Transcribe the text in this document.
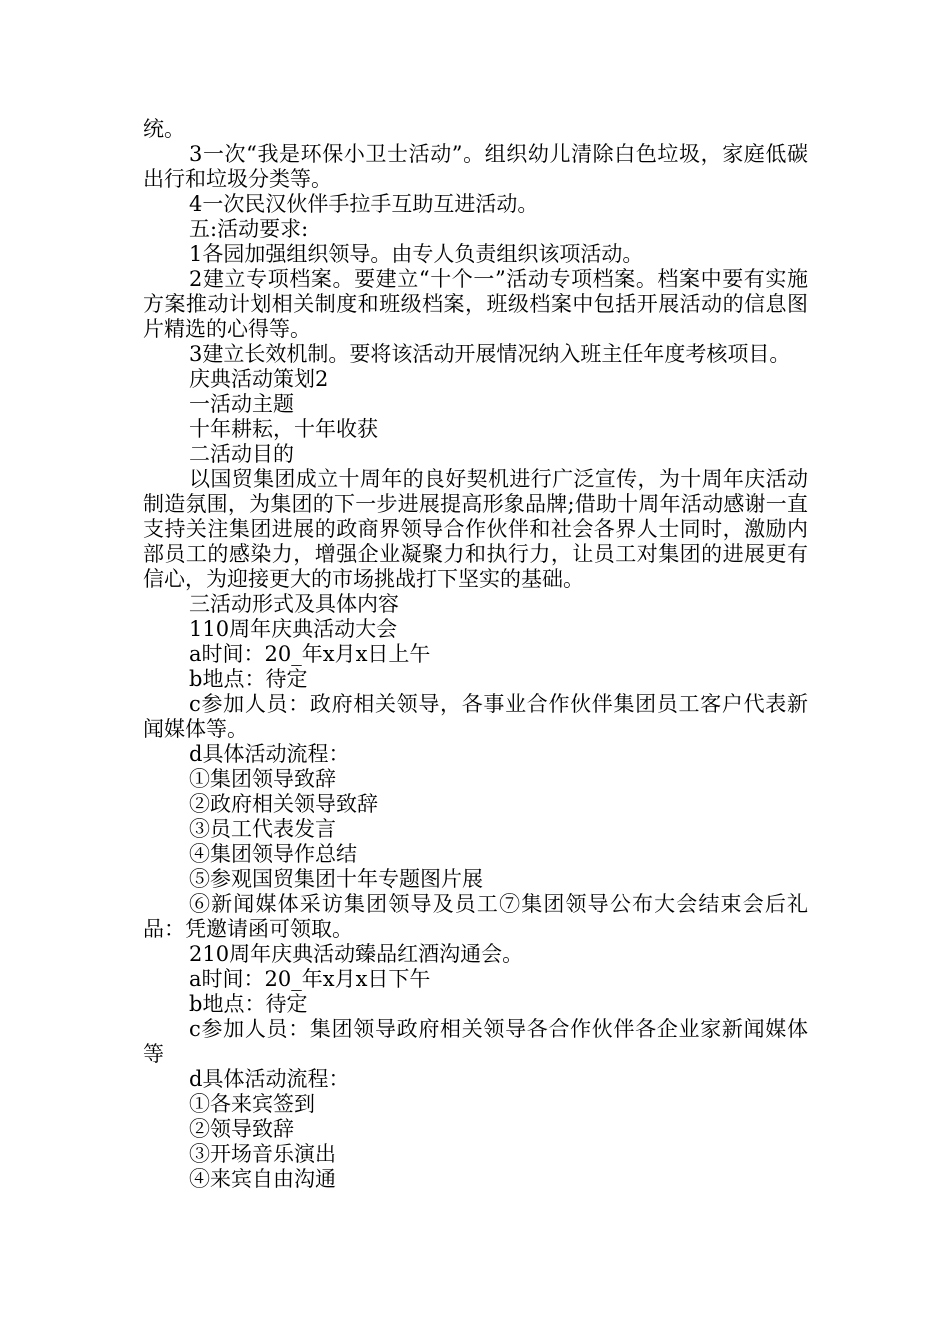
统。

3一次“我是环保小卫士活动”。组织幼儿清除白色垃圾，家庭低碳出行和垃圾分类等。

4一次民汉伙伴手拉手互助互进活动。

五:活动要求:

1各园加强组织领导。由专人负责组织该项活动。

2建立专项档案。要建立“十个一”活动专项档案。档案中要有实施方案推动计划相关制度和班级档案，班级档案中包括开展活动的信息图片精选的心得等。

3建立长效机制。要将该活动开展情况纳入班主任年度考核项目。

庆典活动策划2

一活动主题

十年耕耘，十年收获

二活动目的

以国贸集团成立十周年的良好契机进行广泛宣传，为十周年庆活动制造氛围，为集团的下一步进展提高形象品牌;借助十周年活动感谢一直支持关注集团进展的政商界领导合作伙伴和社会各界人士同时，激励内部员工的感染力，增强企业凝聚力和执行力，让员工对集团的进展更有信心，为迎接更大的市场挑战打下坚实的基础。

三活动形式及具体内容

110周年庆典活动大会

a时间：20_年x月x日上午

b地点：待定

c参加人员：政府相关领导，各事业合作伙伴集团员工客户代表新闻媒体等。

d具体活动流程：

①集团领导致辞

②政府相关领导致辞

③员工代表发言

④集团领导作总结

⑤参观国贸集团十年专题图片展

⑥新闻媒体采访集团领导及员工⑦集团领导公布大会结束会后礼品：凭邀请函可领取。

210周年庆典活动臻品红酒沟通会。

a时间：20_年x月x日下午

b地点：待定

c参加人员：集团领导政府相关领导各合作伙伴各企业家新闻媒体等

d具体活动流程：

①各来宾签到

②领导致辞

③开场音乐演出

④来宾自由沟通
